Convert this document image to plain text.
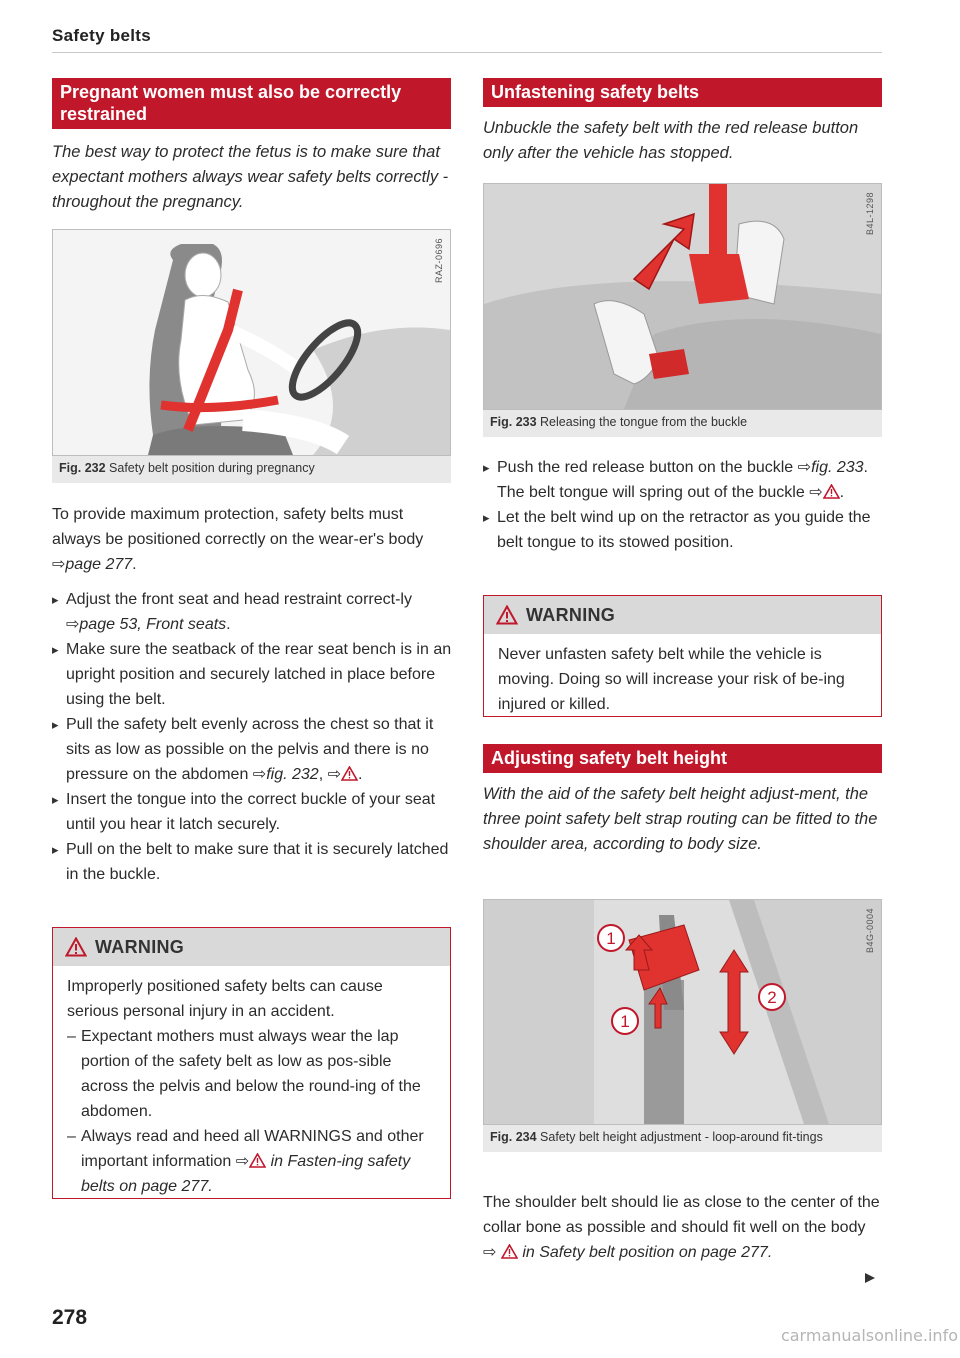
Safety belts
Pregnant women must also be correctly restrained
The best way to protect the fetus is to make sure that expectant mothers always wear safety belts correctly - throughout the pregnancy.
RAZ-0696
Fig. 232 Safety belt position during pregnancy
To provide maximum protection, safety belts must always be positioned correctly on the wear-er's body ⇨page 277.
▸ Adjust the front seat and head restraint correct-ly ⇨page 53, Front seats.
▸ Make sure the seatback of the rear seat bench is in an upright position and securely latched in place before using the belt.
▸ Pull the safety belt evenly across the chest so that it sits as low as possible on the pelvis and there is no pressure on the abdomen ⇨fig. 232, ⇨ .
▸ Insert the tongue into the correct buckle of your seat until you hear it latch securely.
▸ Pull on the belt to make sure that it is securely latched in the buckle.
WARNING
Improperly positioned safety belts can cause serious personal injury in an accident.
– Expectant mothers must always wear the lap portion of the safety belt as low as pos-sible across the pelvis and below the round-ing of the abdomen.
– Always read and heed all WARNINGS and other important information ⇨ in Fasten-ing safety belts on page 277.
Unfastening safety belts
Unbuckle the safety belt with the red release button only after the vehicle has stopped.
B4L-1298
Fig. 233 Releasing the tongue from the buckle
▸ Push the red release button on the buckle ⇨fig. 233. The belt tongue will spring out of the buckle ⇨ .
▸ Let the belt wind up on the retractor as you guide the belt tongue to its stowed position.
WARNING
Never unfasten safety belt while the vehicle is moving. Doing so will increase your risk of be-ing injured or killed.
Adjusting safety belt height
With the aid of the safety belt height adjust-ment, the three point safety belt strap routing can be fitted to the shoulder area, according to body size.
1
2
1
B4G-0004
Fig. 234 Safety belt height adjustment - loop-around fit-tings
The shoulder belt should lie as close to the center of the collar bone as possible and should fit well on the body ⇨ in Safety belt position on page 277.
278
carmanualsonline.info
